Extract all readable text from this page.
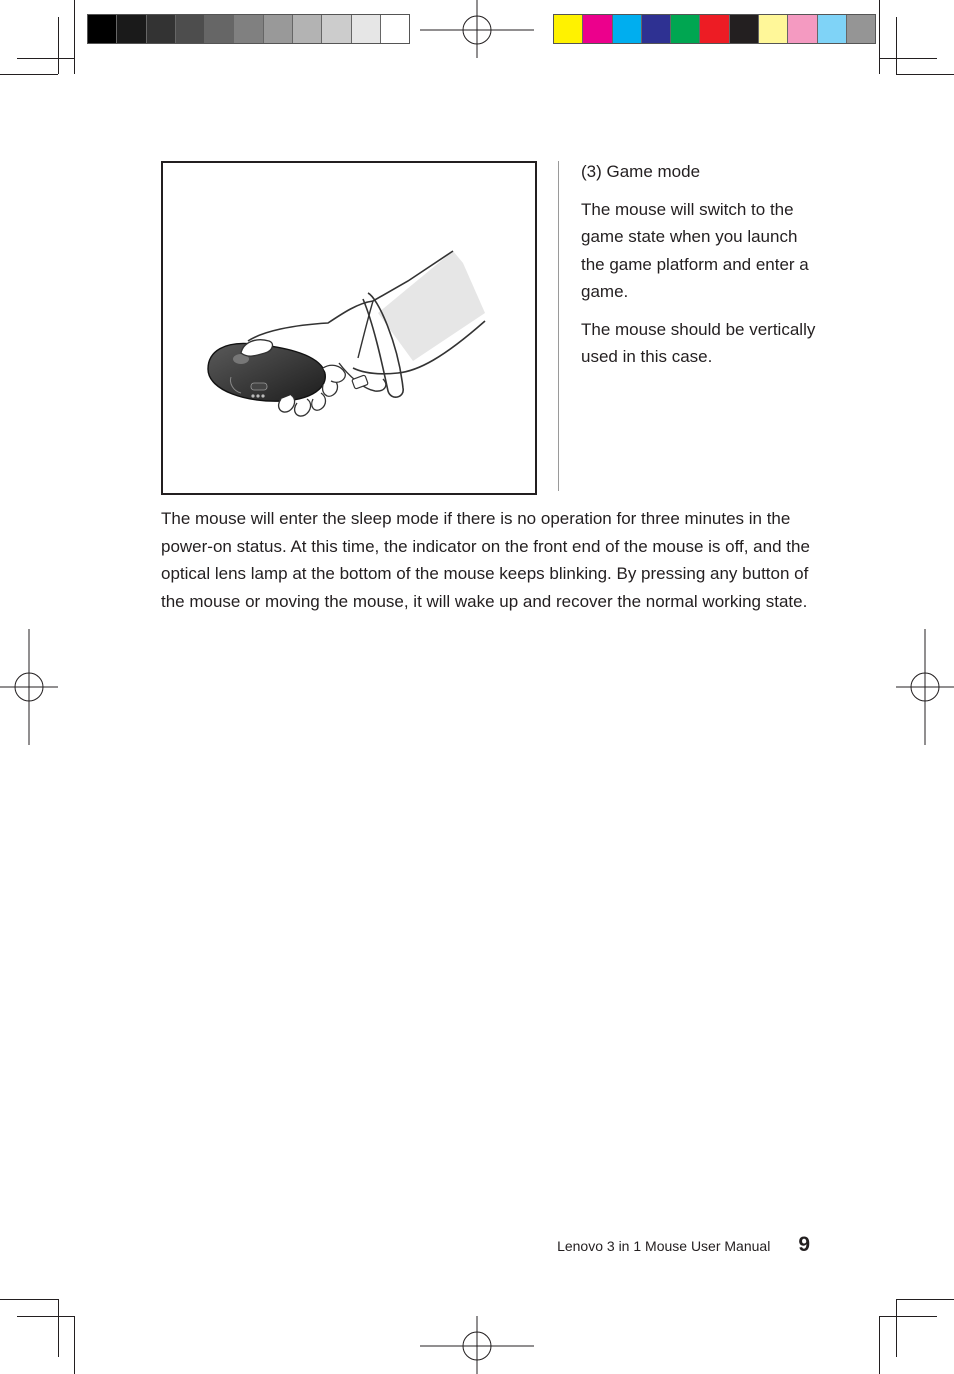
(3) Game mode

The mouse will switch to the game state when you launch the game platform and enter a game.

The mouse should be vertically used in this case.

The mouse will enter the sleep mode if there is no operation for three minutes in the power-on status. At this time, the indicator on the front end of the mouse is off, and the optical lens lamp at the bottom of the mouse keeps blinking. By pressing any button of the mouse or moving the mouse, it will wake up and recover the normal working state.

Lenovo 3 in 1 Mouse User Manual 9
